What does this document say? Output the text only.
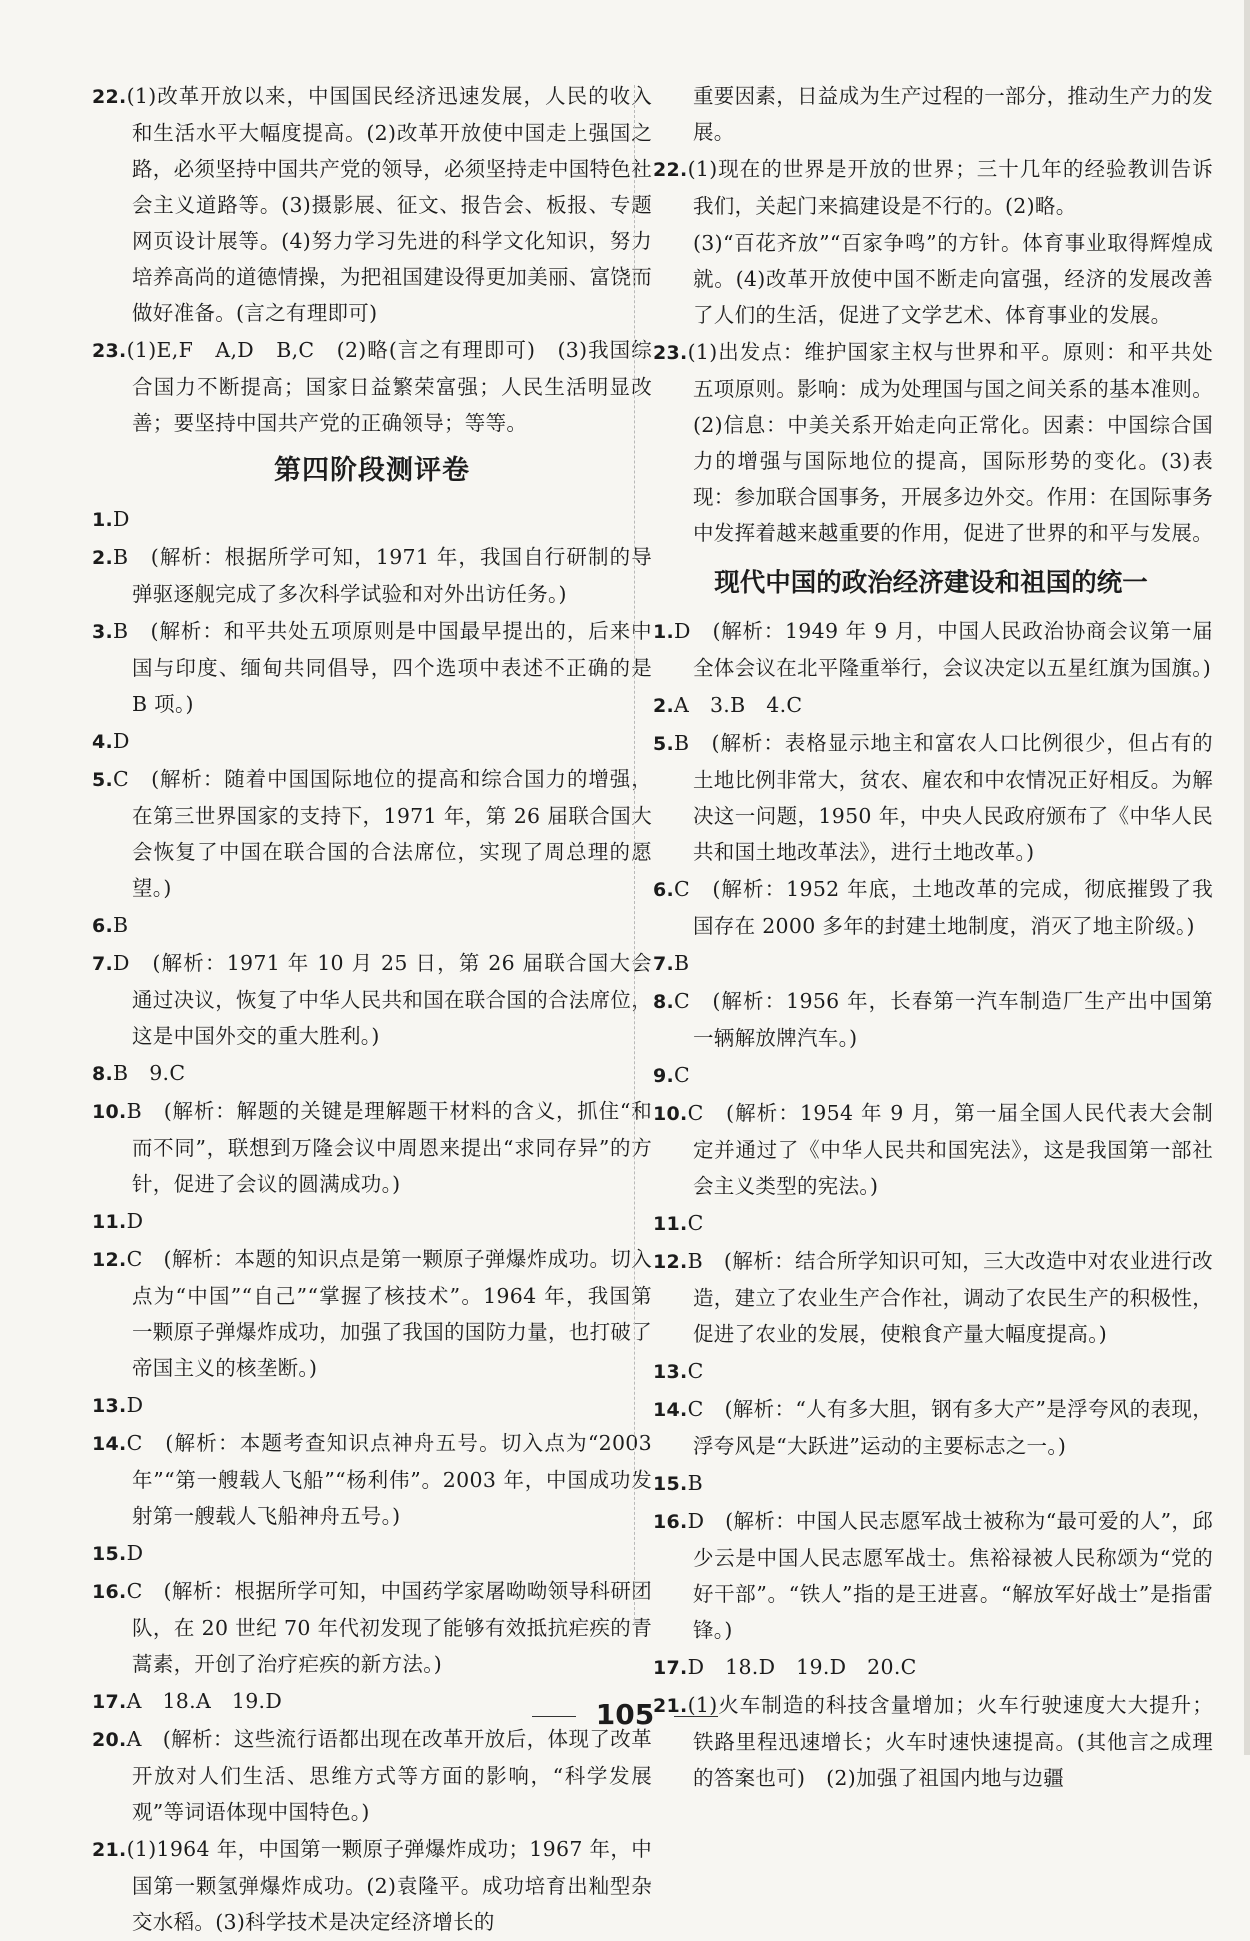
22.(1)改革开放以来，中国国民经济迅速发展，人民的收入和生活水平大幅度提高。(2)改革开放使中国走上强国之路，必须坚持中国共产党的领导，必须坚持走中国特色社会主义道路等。(3)摄影展、征文、报告会、板报、专题网页设计展等。(4)努力学习先进的科学文化知识，努力培养高尚的道德情操，为把祖国建设得更加美丽、富饶而做好准备。(言之有理即可)
23.(1)E,F　A,D　B,C　(2)略(言之有理即可)　(3)我国综合国力不断提高；国家日益繁荣富强；人民生活明显改善；要坚持中国共产党的正确领导；等等。
第四阶段测评卷
1.D
2.B　(解析：根据所学可知，1971 年，我国自行研制的导弹驱逐舰完成了多次科学试验和对外出访任务。)
3.B　(解析：和平共处五项原则是中国最早提出的，后来中国与印度、缅甸共同倡导，四个选项中表述不正确的是 B 项。)
4.D
5.C　(解析：随着中国国际地位的提高和综合国力的增强，在第三世界国家的支持下，1971 年，第 26 届联合国大会恢复了中国在联合国的合法席位，实现了周总理的愿望。)
6.B
7.D　(解析：1971 年 10 月 25 日，第 26 届联合国大会通过决议，恢复了中华人民共和国在联合国的合法席位，这是中国外交的重大胜利。)
8.B　9.C
10.B　(解析：解题的关键是理解题干材料的含义，抓住“和而不同”，联想到万隆会议中周恩来提出“求同存异”的方针，促进了会议的圆满成功。)
11.D
12.C　(解析：本题的知识点是第一颗原子弹爆炸成功。切入点为“中国”“自己”“掌握了核技术”。1964 年，我国第一颗原子弹爆炸成功，加强了我国的国防力量，也打破了帝国主义的核垄断。)
13.D
14.C　(解析：本题考查知识点神舟五号。切入点为“2003 年”“第一艘载人飞船”“杨利伟”。2003 年，中国成功发射第一艘载人飞船神舟五号。)
15.D
16.C　(解析：根据所学可知，中国药学家屠呦呦领导科研团队，在 20 世纪 70 年代初发现了能够有效抵抗疟疾的青蒿素，开创了治疗疟疾的新方法。)
17.A　18.A　19.D
20.A　(解析：这些流行语都出现在改革开放后，体现了改革开放对人们生活、思维方式等方面的影响，“科学发展观”等词语体现中国特色。)
21.(1)1964 年，中国第一颗原子弹爆炸成功；1967 年，中国第一颗氢弹爆炸成功。(2)袁隆平。成功培育出籼型杂交水稻。(3)科学技术是决定经济增长的
重要因素，日益成为生产过程的一部分，推动生产力的发展。
22.(1)现在的世界是开放的世界；三十几年的经验教训告诉我们，关起门来搞建设是不行的。(2)略。
(3)“百花齐放”“百家争鸣”的方针。体育事业取得辉煌成就。(4)改革开放使中国不断走向富强，经济的发展改善了人们的生活，促进了文学艺术、体育事业的发展。
23.(1)出发点：维护国家主权与世界和平。原则：和平共处五项原则。影响：成为处理国与国之间关系的基本准则。(2)信息：中美关系开始走向正常化。因素：中国综合国力的增强与国际地位的提高，国际形势的变化。(3)表现：参加联合国事务，开展多边外交。作用：在国际事务中发挥着越来越重要的作用，促进了世界的和平与发展。
现代中国的政治经济建设和祖国的统一
1.D　(解析：1949 年 9 月，中国人民政治协商会议第一届全体会议在北平隆重举行，会议决定以五星红旗为国旗。)
2.A　3.B　4.C
5.B　(解析：表格显示地主和富农人口比例很少，但占有的土地比例非常大，贫农、雇农和中农情况正好相反。为解决这一问题，1950 年，中央人民政府颁布了《中华人民共和国土地改革法》，进行土地改革。)
6.C　(解析：1952 年底，土地改革的完成，彻底摧毁了我国存在 2000 多年的封建土地制度，消灭了地主阶级。)
7.B
8.C　(解析：1956 年，长春第一汽车制造厂生产出中国第一辆解放牌汽车。)
9.C
10.C　(解析：1954 年 9 月，第一届全国人民代表大会制定并通过了《中华人民共和国宪法》，这是我国第一部社会主义类型的宪法。)
11.C
12.B　(解析：结合所学知识可知，三大改造中对农业进行改造，建立了农业生产合作社，调动了农民生产的积极性，促进了农业的发展，使粮食产量大幅度提高。)
13.C
14.C　(解析：“人有多大胆，钢有多大产”是浮夸风的表现，浮夸风是“大跃进”运动的主要标志之一。)
15.B
16.D　(解析：中国人民志愿军战士被称为“最可爱的人”，邱少云是中国人民志愿军战士。焦裕禄被人民称颂为“党的好干部”。“铁人”指的是王进喜。“解放军好战士”是指雷锋。)
17.D　18.D　19.D　20.C
21.(1)火车制造的科技含量增加；火车行驶速度大大提升；铁路里程迅速增长；火车时速快速提高。(其他言之成理的答案也可)　(2)加强了祖国内地与边疆
105
